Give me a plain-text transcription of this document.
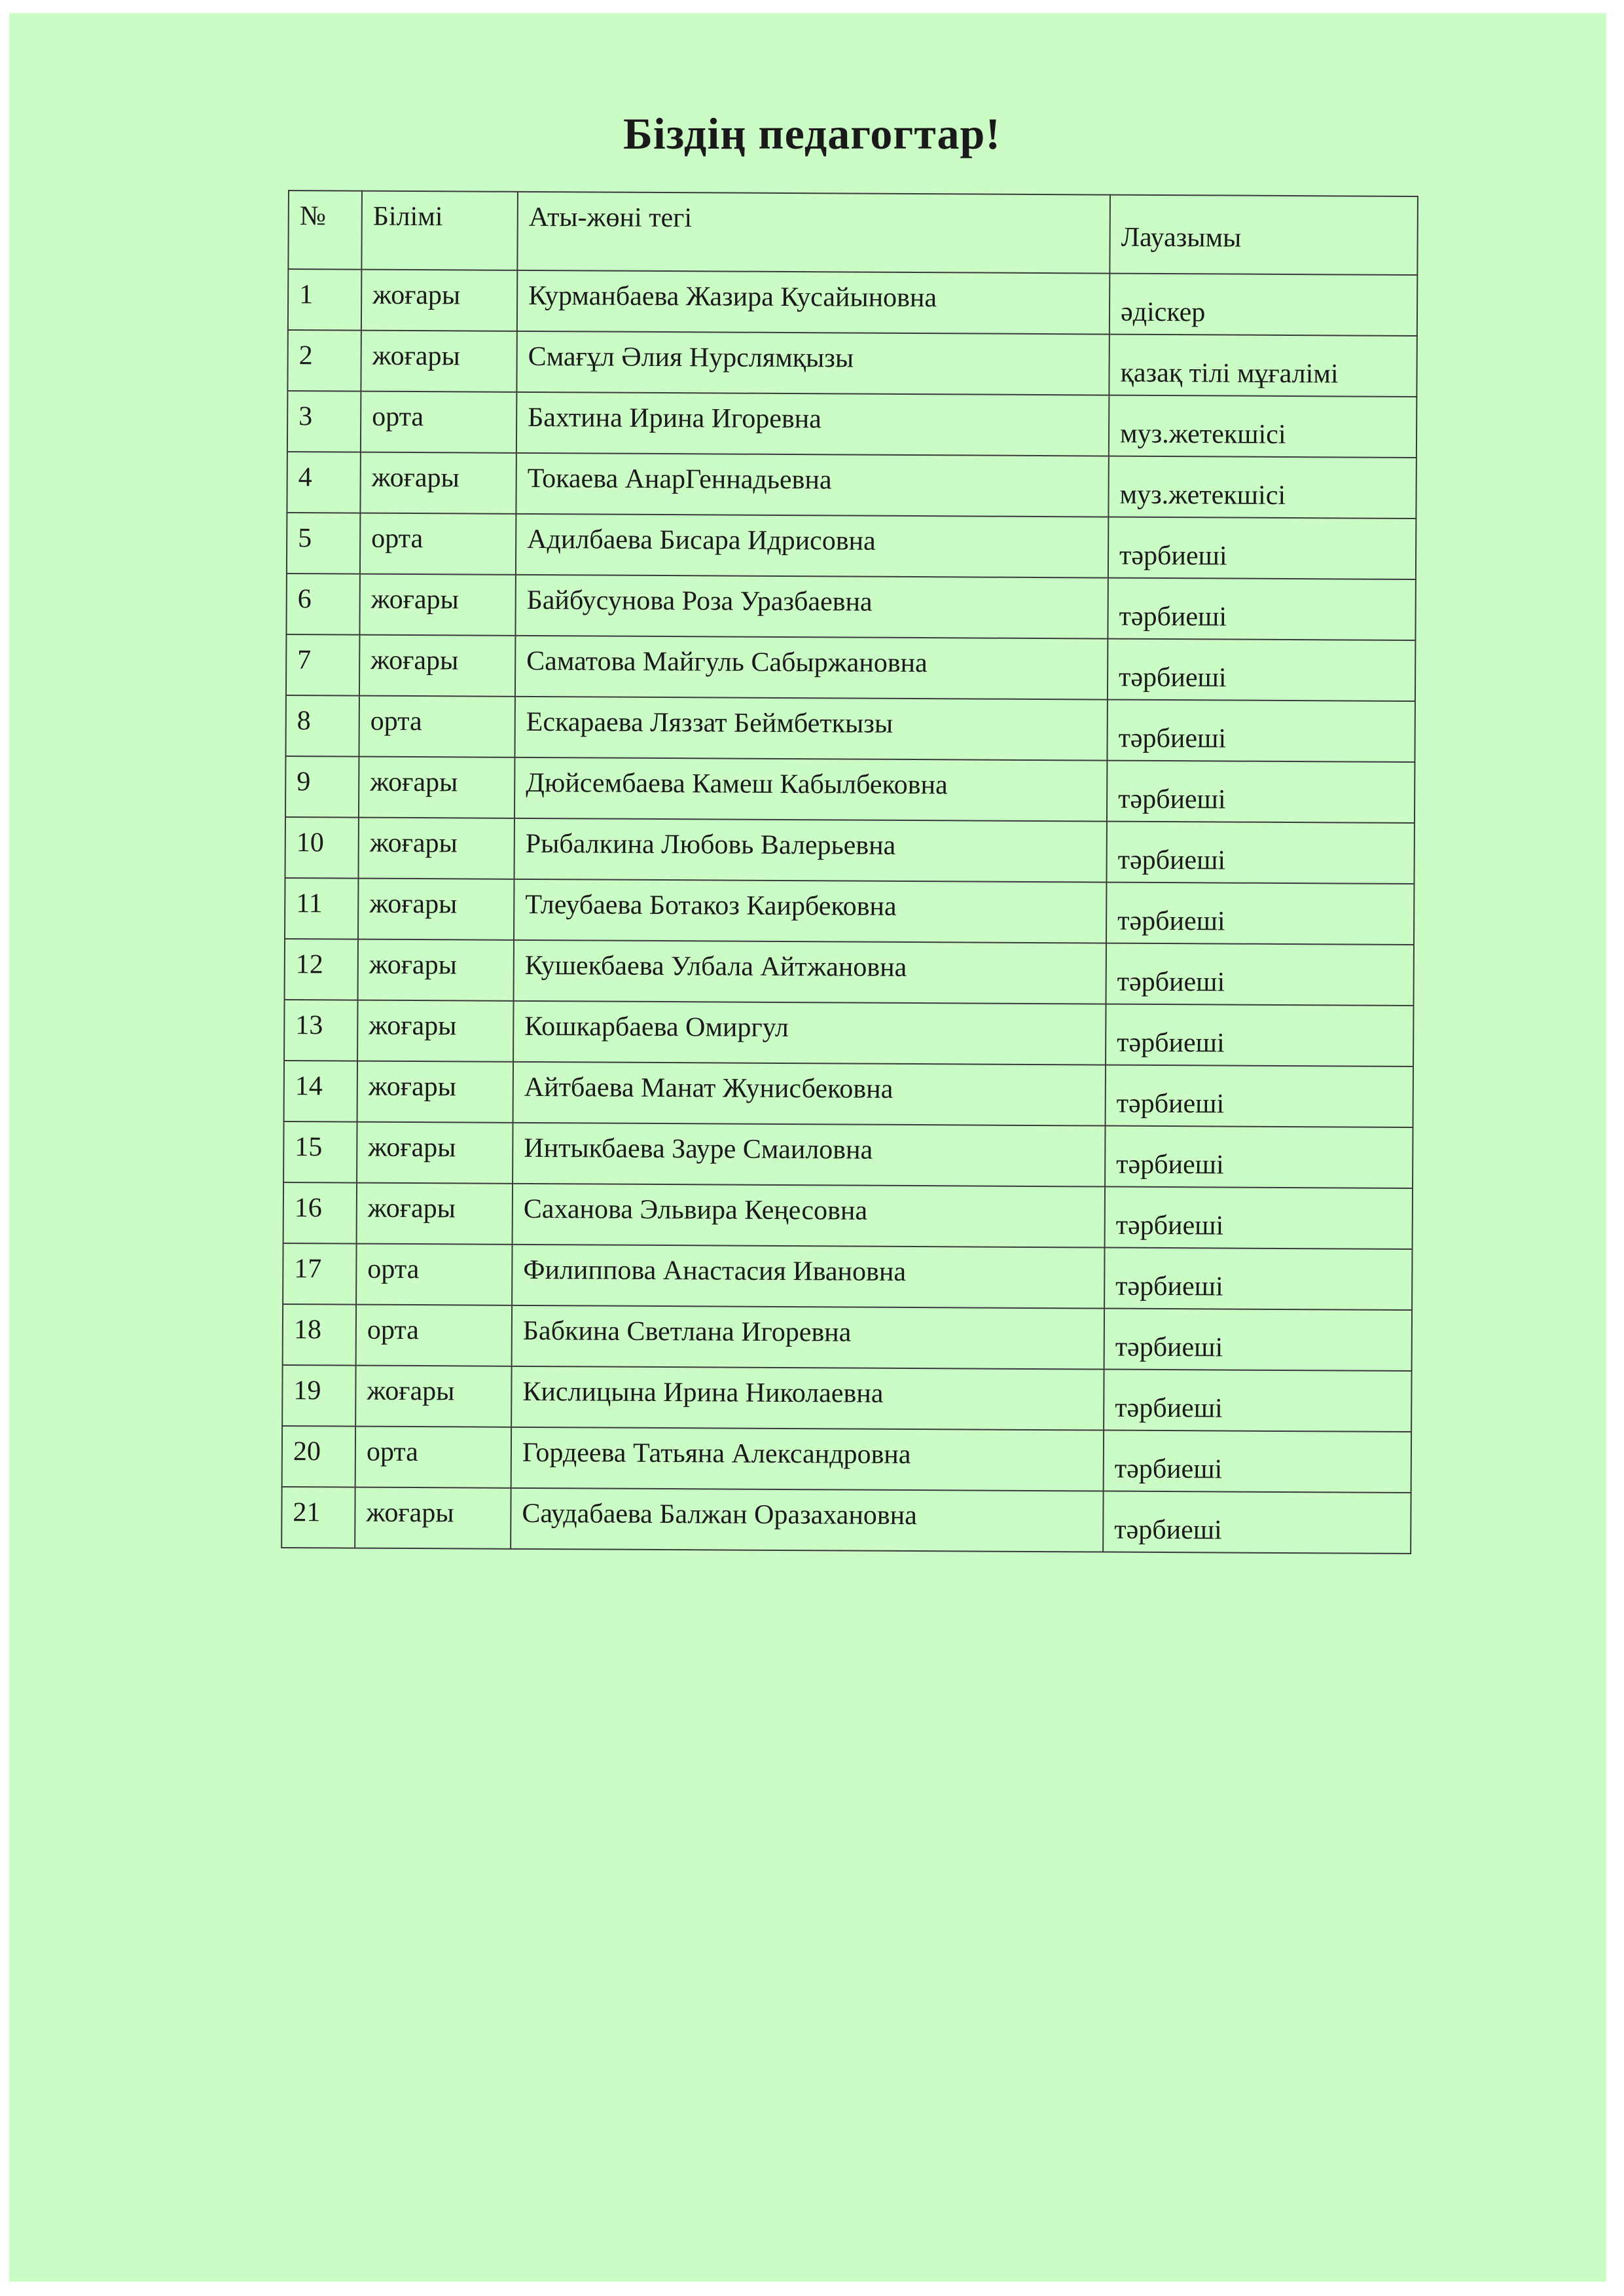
Біздің педагогтар!
№	Білімі	Аты-жөні тегі	Лауазымы
1	жоғары	Курманбаева Жазира Кусайыновна	әдіскер
2	жоғары	Смағұл Әлия Нурслямқызы	қазақ тілі мұғалімі
3	орта	Бахтина Ирина Игоревна	муз.жетекшісі
4	жоғары	Токаева АнарГеннадьевна	муз.жетекшісі
5	орта	Адилбаева Бисара Идрисовна	тәрбиеші
6	жоғары	Байбусунова Роза Уразбаевна	тәрбиеші
7	жоғары	Саматова Майгуль Сабыржановна	тәрбиеші
8	орта	Ескараева Ляззат Беймбеткызы	тәрбиеші
9	жоғары	Дюйсембаева Камеш Кабылбековна	тәрбиеші
10	жоғары	Рыбалкина Любовь Валерьевна	тәрбиеші
11	жоғары	Тлеубаева Ботакоз Каирбековна	тәрбиеші
12	жоғары	Кушекбаева Улбала Айтжановна	тәрбиеші
13	жоғары	Кошкарбаева Омиргул	тәрбиеші
14	жоғары	Айтбаева Манат Жунисбековна	тәрбиеші
15	жоғары	Интыкбаева Зауре Смаиловна	тәрбиеші
16	жоғары	Саханова Эльвира Кеңесовна	тәрбиеші
17	орта	Филиппова Анастасия Ивановна	тәрбиеші
18	орта	Бабкина Светлана Игоревна	тәрбиеші
19	жоғары	Кислицына Ирина Николаевна	тәрбиеші
20	орта	Гордеева Татьяна Александровна	тәрбиеші
21	жоғары	Саудабаева Балжан Оразахановна	тәрбиеші
